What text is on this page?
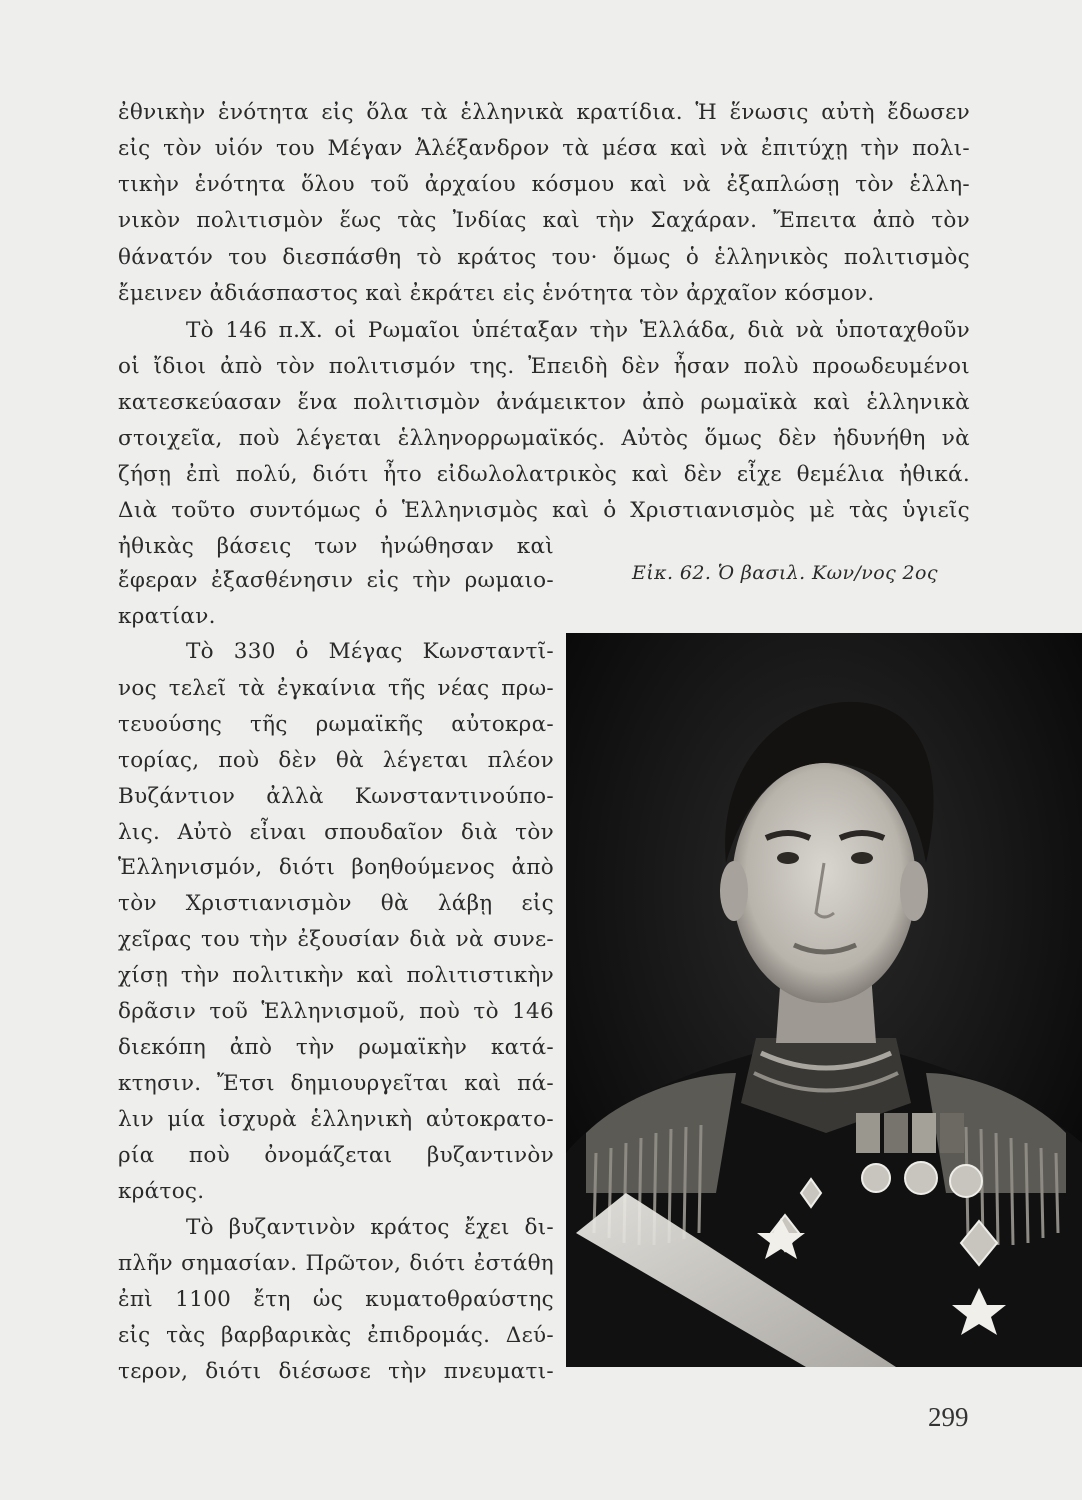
ἐθνικὴν ἑνότητα εἰς ὅλα τὰ ἑλληνικὰ κρατίδια. Ἡ ἕνωσις αὐτὴ ἔδωσεν
εἰς τὸν υἱόν του Μέγαν Ἀλέξανδρον τὰ μέσα καὶ νὰ ἐπιτύχῃ τὴν πολι-
τικὴν ἑνότητα ὅλου τοῦ ἀρχαίου κόσμου καὶ νὰ ἐξαπλώσῃ τὸν ἑλλη-
νικὸν πολιτισμὸν ἕως τὰς Ἰνδίας καὶ τὴν Σαχάραν. Ἔπειτα ἀπὸ τὸν
θάνατόν του διεσπάσθη τὸ κράτος του· ὅμως ὁ ἑλληνικὸς πολιτισμὸς
ἔμεινεν ἀδιάσπαστος καὶ ἐκράτει εἰς ἑνότητα τὸν ἀρχαῖον κόσμον.
Τὸ 146 π.Χ. οἱ Ρωμαῖοι ὑπέταξαν τὴν Ἑλλάδα, διὰ νὰ ὑποταχθοῦν
οἱ ἴδιοι ἀπὸ τὸν πολιτισμόν της. Ἐπειδὴ δὲν ἦσαν πολὺ προωδευμένοι
κατεσκεύασαν ἕνα πολιτισμὸν ἀνάμεικτον ἀπὸ ρωμαϊκὰ καὶ ἑλληνικὰ
στοιχεῖα, ποὺ λέγεται ἑλληνορρωμαϊκός. Αὐτὸς ὅμως δὲν ἠδυνήθη νὰ
ζήσῃ ἐπὶ πολύ, διότι ἦτο εἰδωλολατρικὸς καὶ δὲν εἶχε θεμέλια ἠθικά.
Διὰ τοῦτο συντόμως ὁ Ἑλληνισμὸς καὶ ὁ Χριστιανισμὸς μὲ τὰς ὑγιεῖς
Εἰκ. 62. Ὁ βασιλ. Κων/νος 2ος
ἠθικὰς βάσεις των ἠνώθησαν καὶ
ἔφεραν ἐξασθένησιν εἰς τὴν ρωμαιο-
κρατίαν.
Τὸ 330 ὁ Μέγας Κωνσταντῖ-
νος τελεῖ τὰ ἐγκαίνια τῆς νέας πρω-
τευούσης τῆς ρωμαϊκῆς αὐτοκρα-
τορίας, ποὺ δὲν θὰ λέγεται πλέον
Βυζάντιον ἀλλὰ Κωνσταντινούπο-
λις. Αὐτὸ εἶναι σπουδαῖον διὰ τὸν
Ἑλληνισμόν, διότι βοηθούμενος ἀπὸ
τὸν Χριστιανισμὸν θὰ λάβῃ εἰς
χεῖρας του τὴν ἐξουσίαν διὰ νὰ συνε-
χίσῃ τὴν πολιτικὴν καὶ πολιτιστικὴν
δρᾶσιν τοῦ Ἑλληνισμοῦ, ποὺ τὸ 146
διεκόπη ἀπὸ τὴν ρωμαϊκὴν κατά-
κτησιν. Ἔτσι δημιουργεῖται καὶ πά-
λιν μία ἰσχυρὰ ἑλληνικὴ αὐτοκρατο-
ρία ποὺ ὀνομάζεται βυζαντινὸν
κράτος.
Τὸ βυζαντινὸν κράτος ἔχει δι-
πλῆν σημασίαν. Πρῶτον, διότι ἐστάθη
ἐπὶ 1100 ἔτη ὡς κυματοθραύστης
εἰς τὰς βαρβαρικὰς ἐπιδρομάς. Δεύ-
τερον, διότι διέσωσε τὴν πνευματι-
299
